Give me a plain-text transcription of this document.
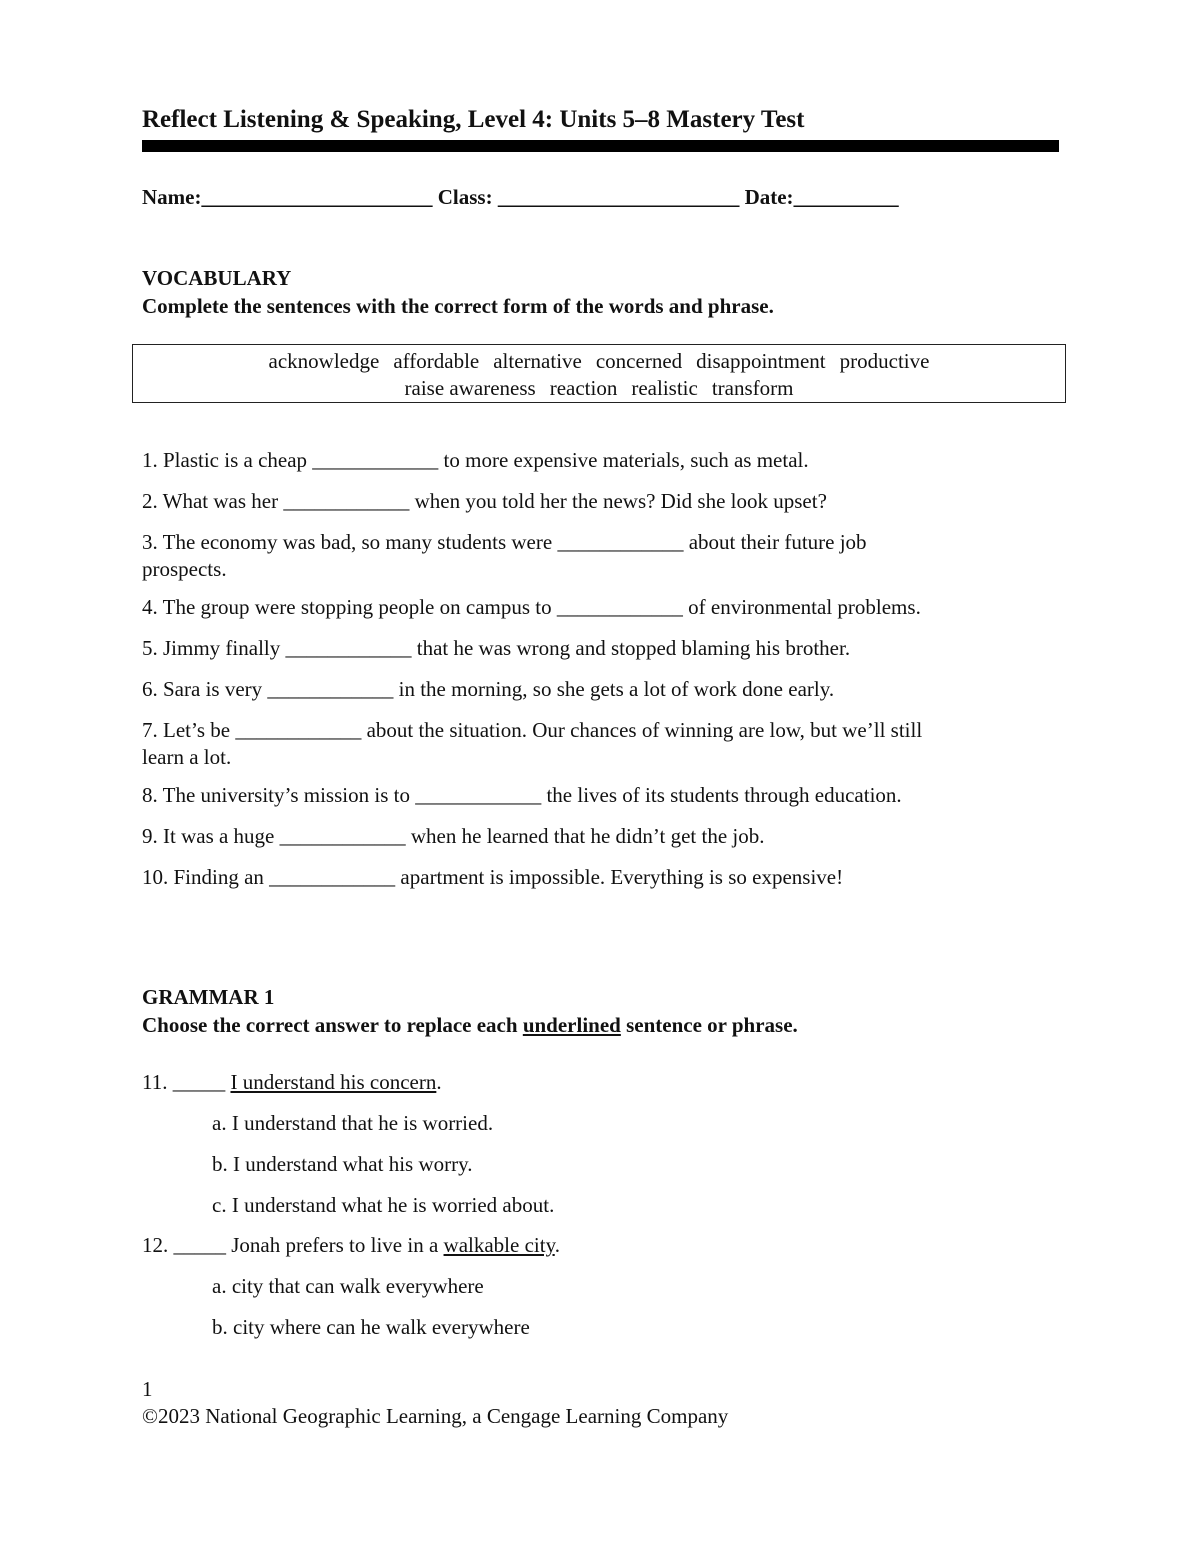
Reflect Listening & Speaking, Level 4: Units 5–8 Mastery Test
Name:______________________ Class: _______________________ Date:__________
VOCABULARY
Complete the sentences with the correct form of the words and phrase.
acknowledge affordable alternative concerned disappointment productive
raise awareness reaction realistic transform
1. Plastic is a cheap ____________ to more expensive materials, such as metal.
2. What was her ____________ when you told her the news? Did she look upset?
3. The economy was bad, so many students were ____________ about their future job
prospects.
4. The group were stopping people on campus to ____________ of environmental problems.
5. Jimmy finally ____________ that he was wrong and stopped blaming his brother.
6. Sara is very ____________ in the morning, so she gets a lot of work done early.
7. Let’s be ____________ about the situation. Our chances of winning are low, but we’ll still
learn a lot.
8. The university’s mission is to ____________ the lives of its students through education.
9. It was a huge ____________ when he learned that he didn’t get the job.
10. Finding an ____________ apartment is impossible. Everything is so expensive!
GRAMMAR 1
Choose the correct answer to replace each underlined sentence or phrase.
11. _____ I understand his concern.
a. I understand that he is worried.
b. I understand what his worry.
c. I understand what he is worried about.
12. _____ Jonah prefers to live in a walkable city.
a. city that can walk everywhere
b. city where can he walk everywhere
1
©2023 National Geographic Learning, a Cengage Learning Company
